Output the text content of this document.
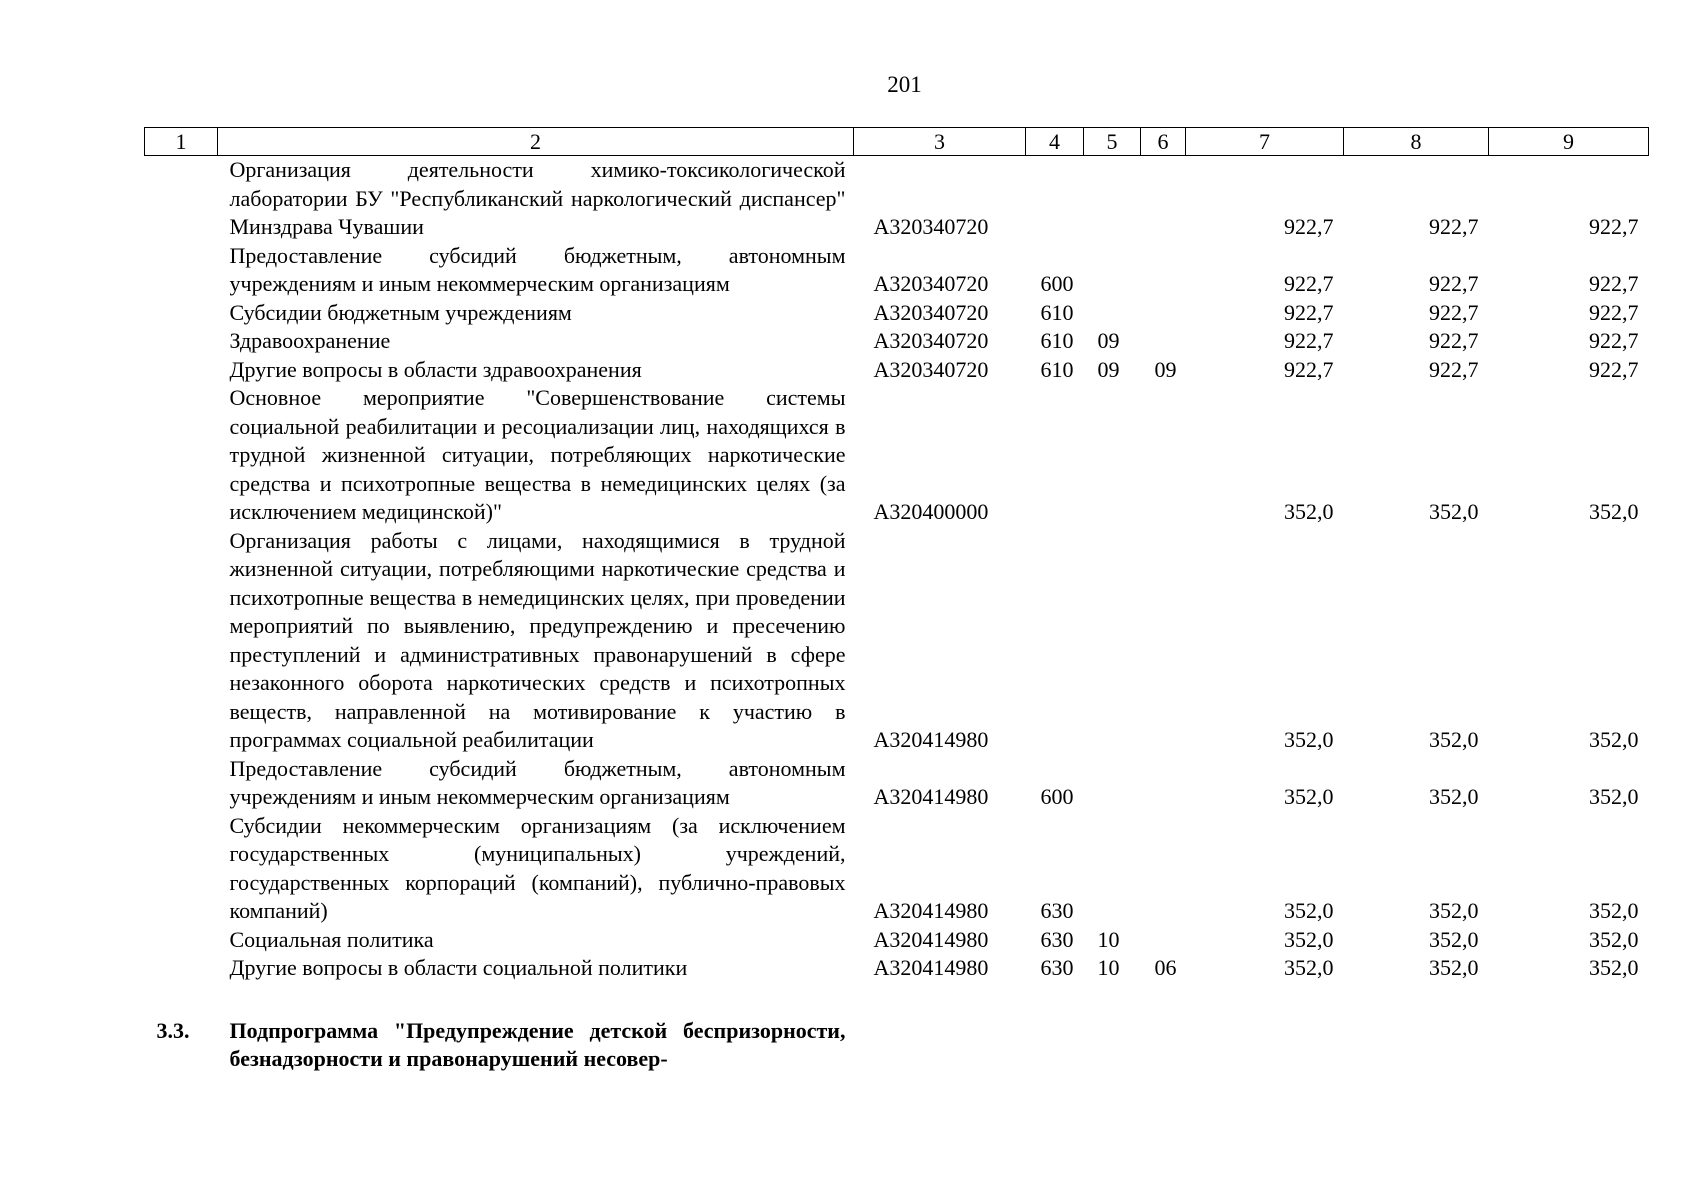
201
1	2	3	4	5	6	7	8	9
	Организация деятельности химико-токсикологической лаборатории БУ "Республиканский наркологический диспансер" Минздрава Чувашии	А320340720				922,7	922,7	922,7
	Предоставление субсидий бюджетным, автономным учреждениям и иным некоммерческим организациям	А320340720	600			922,7	922,7	922,7
	Субсидии бюджетным учреждениям	А320340720	610			922,7	922,7	922,7
	Здравоохранение	А320340720	610	09		922,7	922,7	922,7
	Другие вопросы в области здравоохранения	А320340720	610	09	09	922,7	922,7	922,7
	Основное мероприятие "Совершенствование системы социальной реабилитации и ресоциализации лиц, находящихся в трудной жизненной ситуации, потребляющих наркотические средства и психотропные вещества в немедицинских целях (за исключением медицинской)"	А320400000				352,0	352,0	352,0
	Организация работы с лицами, находящимися в трудной жизненной ситуации, потребляющими наркотические средства и психотропные вещества в немедицинских целях, при проведении мероприятий по выявлению, предупреждению и пресечению преступлений и административных правонарушений в сфере незаконного оборота наркотических средств и психотропных веществ, направленной на мотивирование к участию в программах социальной реабилитации	А320414980				352,0	352,0	352,0
	Предоставление субсидий бюджетным, автономным учреждениям и иным некоммерческим организациям	А320414980	600			352,0	352,0	352,0
	Субсидии некоммерческим организациям (за исключением государственных (муниципальных) учреждений, государственных корпораций (компаний), публично-правовых компаний)	А320414980	630			352,0	352,0	352,0
	Социальная политика	А320414980	630	10		352,0	352,0	352,0
	Другие вопросы в области социальной политики	А320414980	630	10	06	352,0	352,0	352,0

3.3.	Подпрограмма "Предупреждение детской беспризорности, безнадзорности и правонарушений несовер-							
